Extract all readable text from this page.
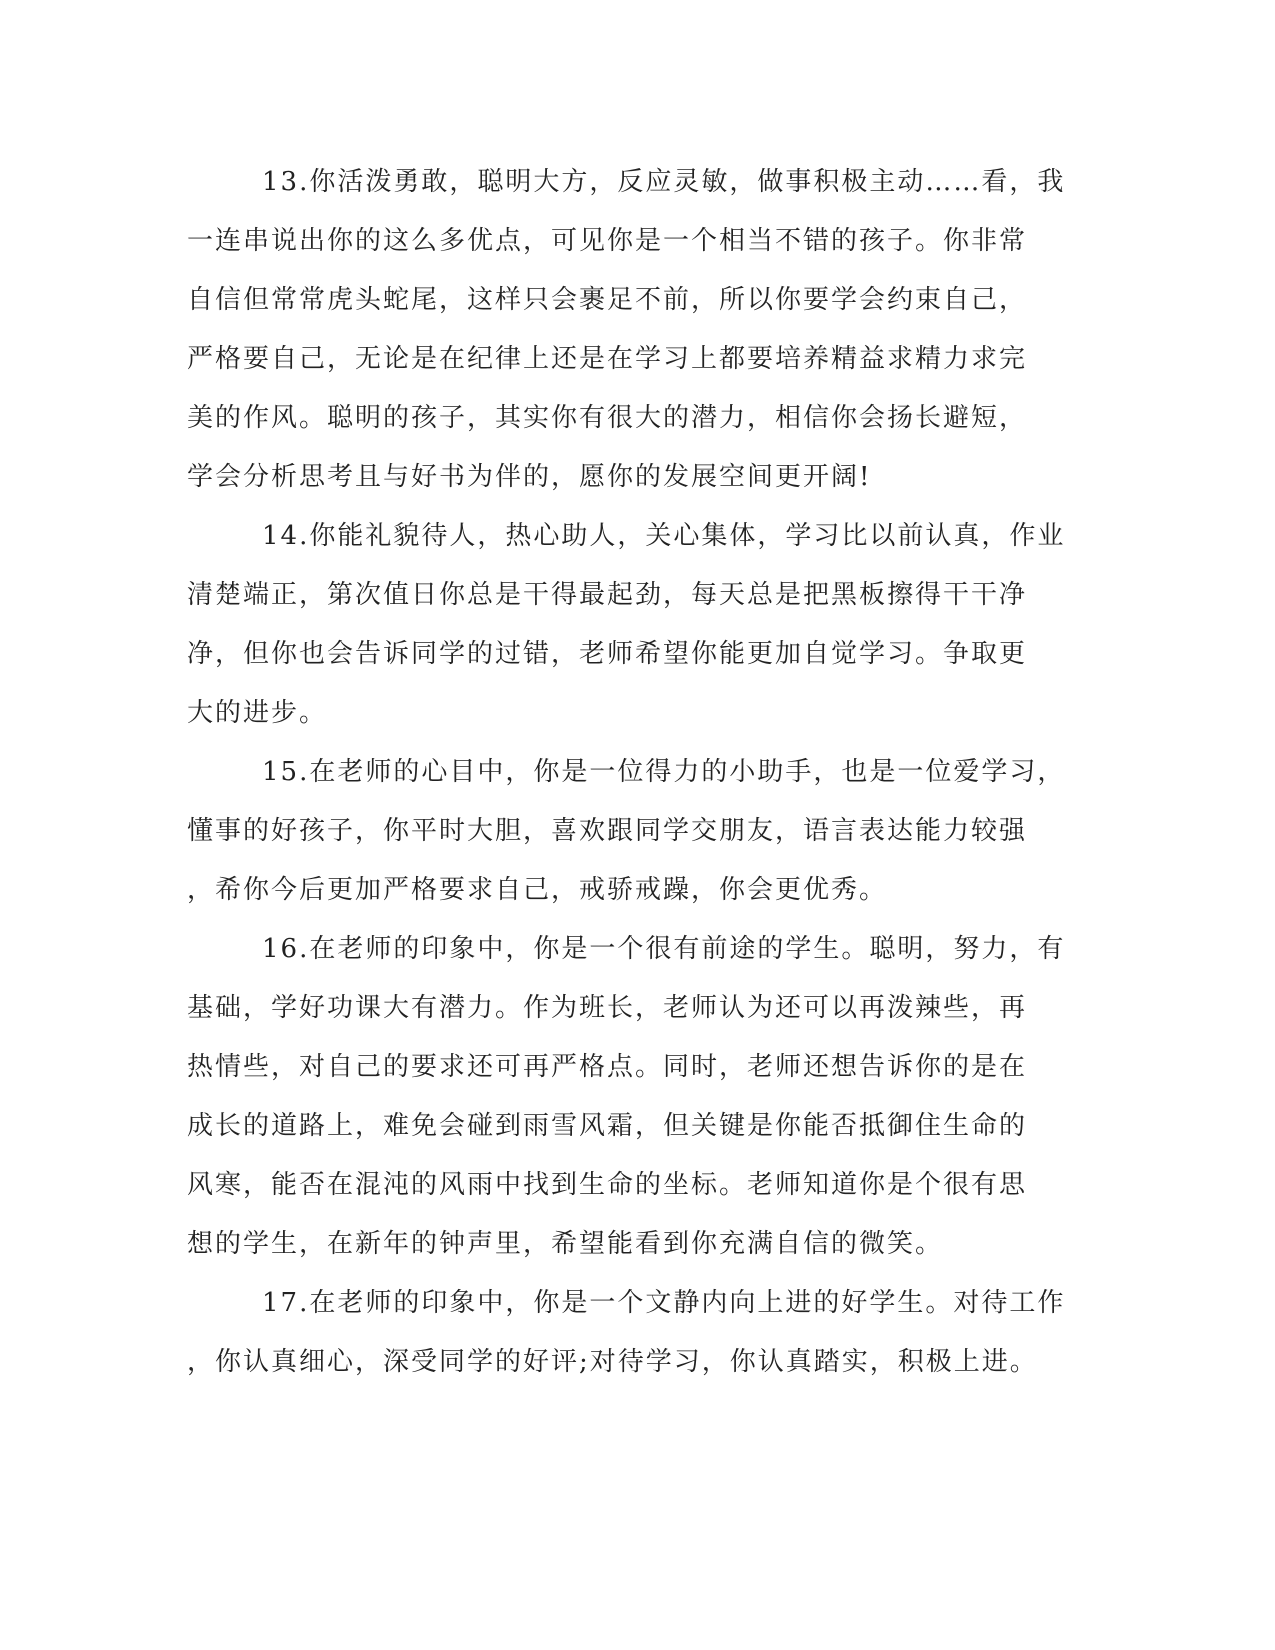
13.你活泼勇敢，聪明大方，反应灵敏，做事积极主动……看，我
一连串说出你的这么多优点，可见你是一个相当不错的孩子。你非常
自信但常常虎头蛇尾，这样只会裹足不前，所以你要学会约束自己，
严格要自己，无论是在纪律上还是在学习上都要培养精益求精力求完
美的作风。聪明的孩子，其实你有很大的潜力，相信你会扬长避短，
学会分析思考且与好书为伴的，愿你的发展空间更开阔!
14.你能礼貌待人，热心助人，关心集体，学习比以前认真，作业
清楚端正，第次值日你总是干得最起劲，每天总是把黑板擦得干干净
净，但你也会告诉同学的过错，老师希望你能更加自觉学习。争取更
大的进步。
15.在老师的心目中，你是一位得力的小助手，也是一位爱学习，
懂事的好孩子，你平时大胆，喜欢跟同学交朋友，语言表达能力较强
，希你今后更加严格要求自己，戒骄戒躁，你会更优秀。
16.在老师的印象中，你是一个很有前途的学生。聪明，努力，有
基础，学好功课大有潜力。作为班长，老师认为还可以再泼辣些，再
热情些，对自己的要求还可再严格点。同时，老师还想告诉你的是在
成长的道路上，难免会碰到雨雪风霜，但关键是你能否抵御住生命的
风寒，能否在混沌的风雨中找到生命的坐标。老师知道你是个很有思
想的学生，在新年的钟声里，希望能看到你充满自信的微笑。
17.在老师的印象中，你是一个文静内向上进的好学生。对待工作
，你认真细心，深受同学的好评;对待学习，你认真踏实，积极上进。
